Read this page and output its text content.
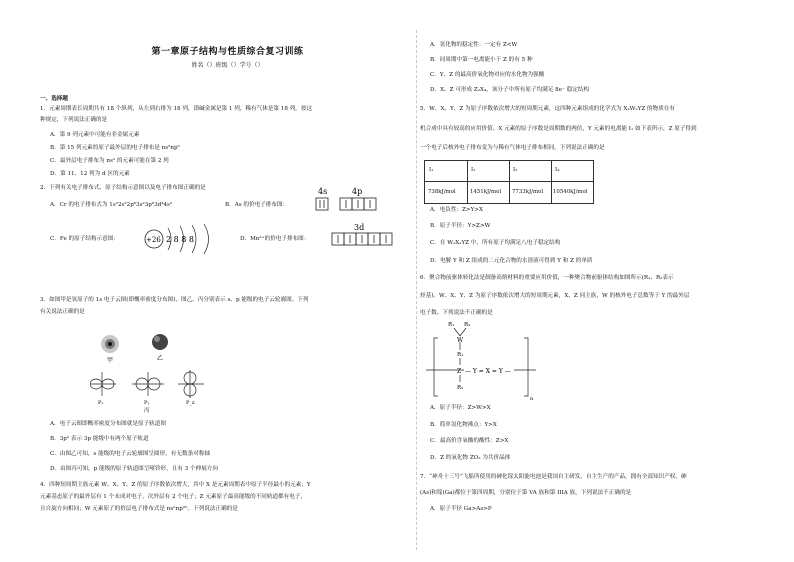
第一章原子结构与性质综合复习训练
姓名（）班级（）学号（）
一、选择题
1．元素周期表长周期共有 18 个纵列，从左到右排为 18 列，即碱金属是第 1 列，稀有气体是第 18 列。按这
种规定，下列说法正确的是
A．第 9 列元素中可能有非金属元素
B．第 15 列元素的原子最外层的电子排布是 ns²np⁵
C．最外层电子排布为 ns² 的元素可能在第 2 列
D．第 11、12 列为 d 区的元素
2．下列有关电子排布式、原子结构示意图以及电子排布图正确的是
A．Cr 的电子排布式为 1s²2s²2p⁶3s²3p⁶3d⁴4s²	B．As 的价电子排布图：
4s	4p
C．Fe 的原子结构示意图：	+26 2 8 8 8	D．Mn²⁺的价电子排布图：
3d
3．如图甲是氢原子的 1s 电子云图(即概率密度分布图)，图乙、丙分别表示 s、p 能级的电子云轮廓图。下列
有关说法正确的是
甲	乙
Pₓ	Pᵧ	P_z
丙
A．电子云图即概率密度分布图就是原子轨道图
B．3p² 表示 3p 能级中有两个原子轨道
C．由图乙可知，s 能级的电子云轮廓图呈圆形，有无数条对称轴
D．由图丙可知，p 能级的原子轨道图呈哑铃形，且有 3 个伸展方向
4．四种短周期主族元素 W、X、Y、Z 的原子序数依次增大，其中 X 是元素周期表中原子半径最小的元素；Y
元素基态原子的最外层有 1 个未成对电子，次外层有 2 个电子；Z 元素原子最高能级的不同轨道都有电子，
且自旋方向相同；W 元素原子的价层电子排布式是 nsⁿnp²ⁿ。下列说法正确的是
A．氢化物的稳定性：一定有 Z<W
B．同周期中第一电离能小于 Z 的有 5 种
C．Y、Z 的最高价氧化物对应的水化物为强酸
D．X、Z 可形成 Z₂X₄，该分子中所有原子均满足 8e⁻ 稳定结构
5．W、X、Y、Z 为原子序数依次增大的短周期元素，这四种元素组成的化学式为 X₂W₂YZ 的物质在有
机合成中具有较高的应用价值。X 元素的原子序数是周期数的两倍，Y 元素的电离能 I₁ 如下表所示，Z 原子得到
一个电子后核外电子排布变为与稀有气体电子排布相同。下列说法正确的是
I₁	I₂	I₃	I₄
738kJ/mol	1451kJ/mol 7733kJ/mol 10540kJ/mol
A．电负性：Z>Y>X
B．原子半径：Y>Z>W
C．在 W₂X₂YZ 中，所有原子均满足八电子稳定结构
D．电解 Y 和 Z 组成的二元化合物的水溶液可得到 Y 和 Z 的单质
6．聚合物前驱体转化法是制备高熔材料的重要应用价值，一种聚合物前驱体结构如图所示(R₁、R₂表示
烃基)。W、X、Y、Z 为原子序数依次增大的短周期元素，X、Z 同主族，W 的核外电子总数等于 Y 的最外层
电子数。下列说法不正确的是
R₁ R₂
W
R₁
Z — Y = X = Y —
R₂
n
A．原子半径：Z>W>X
B．简单氢化物沸点：Y>X
C．最高价含氧酸的酸性：Z>X
D．Z 的氧化物 ZO₂ 为共价晶体
7．“神舟十三号”飞船所使用的砷化镓太阳能电池是我国自主研发、自主生产的产品，拥有全部知识产权。砷
(As)和镓(Ga)都位于第四周期，分别位于第 VA 族和第 IIIA 族。下列说法不正确的是
A．原子半径 Ga>As>P
